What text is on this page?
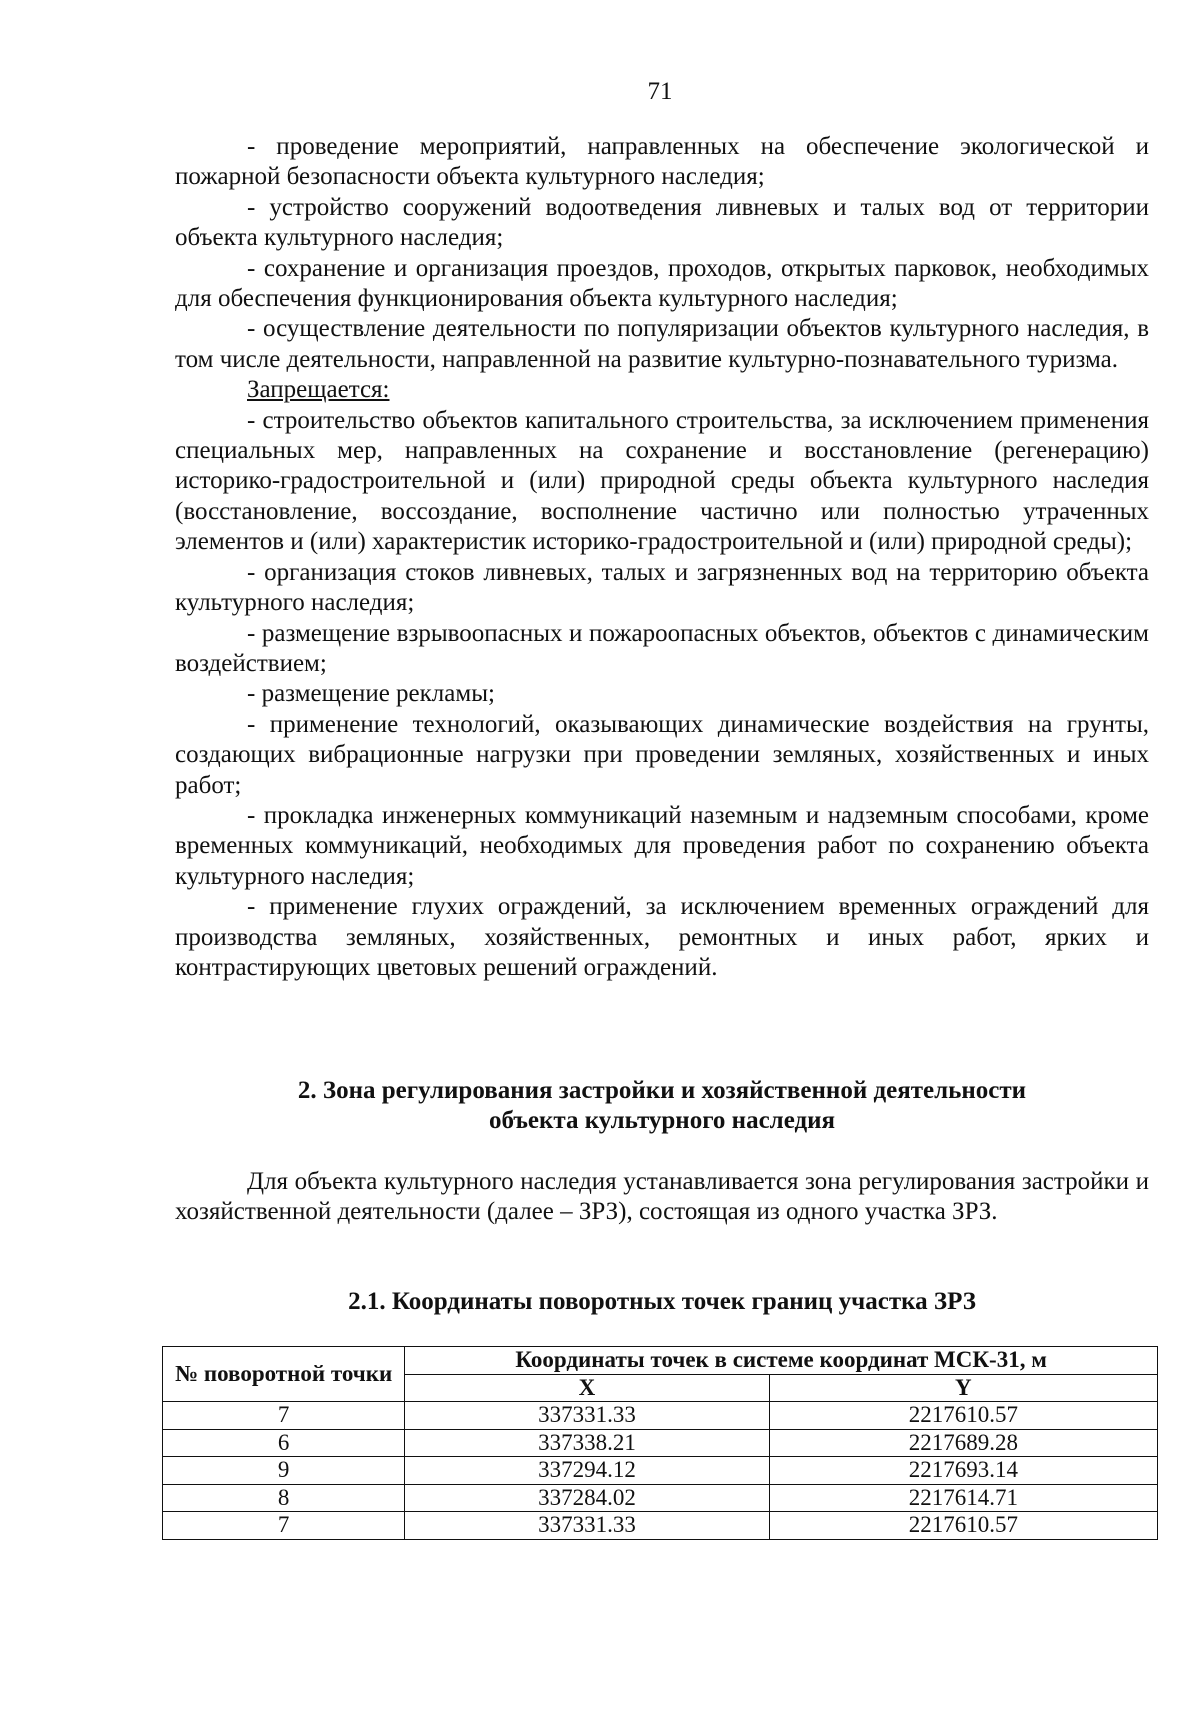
71

- проведение мероприятий, направленных на обеспечение экологической и пожарной безопасности объекта культурного наследия;

- устройство сооружений водоотведения ливневых и талых вод от территории объекта культурного наследия;

- сохранение и организация проездов, проходов, открытых парковок, необходимых для обеспечения функционирования объекта культурного наследия;

- осуществление деятельности по популяризации объектов культурного наследия, в том числе деятельности, направленной на развитие культурно-познавательного туризма.

Запрещается:

- строительство объектов капитального строительства, за исключением применения специальных мер, направленных на сохранение и восстановление (регенерацию) историко-градостроительной и (или) природной среды объекта культурного наследия (восстановление, воссоздание, восполнение частично или полностью утраченных элементов и (или) характеристик историко-градостроительной и (или) природной среды);

- организация стоков ливневых, талых и загрязненных вод на территорию объекта культурного наследия;

- размещение взрывоопасных и пожароопасных объектов, объектов с динамическим воздействием;

- размещение рекламы;

- применение технологий, оказывающих динамические воздействия на грунты, создающих вибрационные нагрузки при проведении земляных, хозяйственных и иных работ;

- прокладка инженерных коммуникаций наземным и надземным способами, кроме временных коммуникаций, необходимых для проведения работ по сохранению объекта культурного наследия;

- применение глухих ограждений, за исключением временных ограждений для производства земляных, хозяйственных, ремонтных и иных работ, ярких и контрастирующих цветовых решений ограждений.

2. Зона регулирования застройки и хозяйственной деятельности
объекта культурного наследия

Для объекта культурного наследия устанавливается зона регулирования застройки и хозяйственной деятельности (далее – ЗРЗ), состоящая из одного участка ЗРЗ.

2.1. Координаты поворотных точек границ участка ЗРЗ
№ поворотной точки	Координаты точек в системе координат МСК-31, м	
	X	Y
7	337331.33	2217610.57
6	337338.21	2217689.28
9	337294.12	2217693.14
8	337284.02	2217614.71
7	337331.33	2217610.57
